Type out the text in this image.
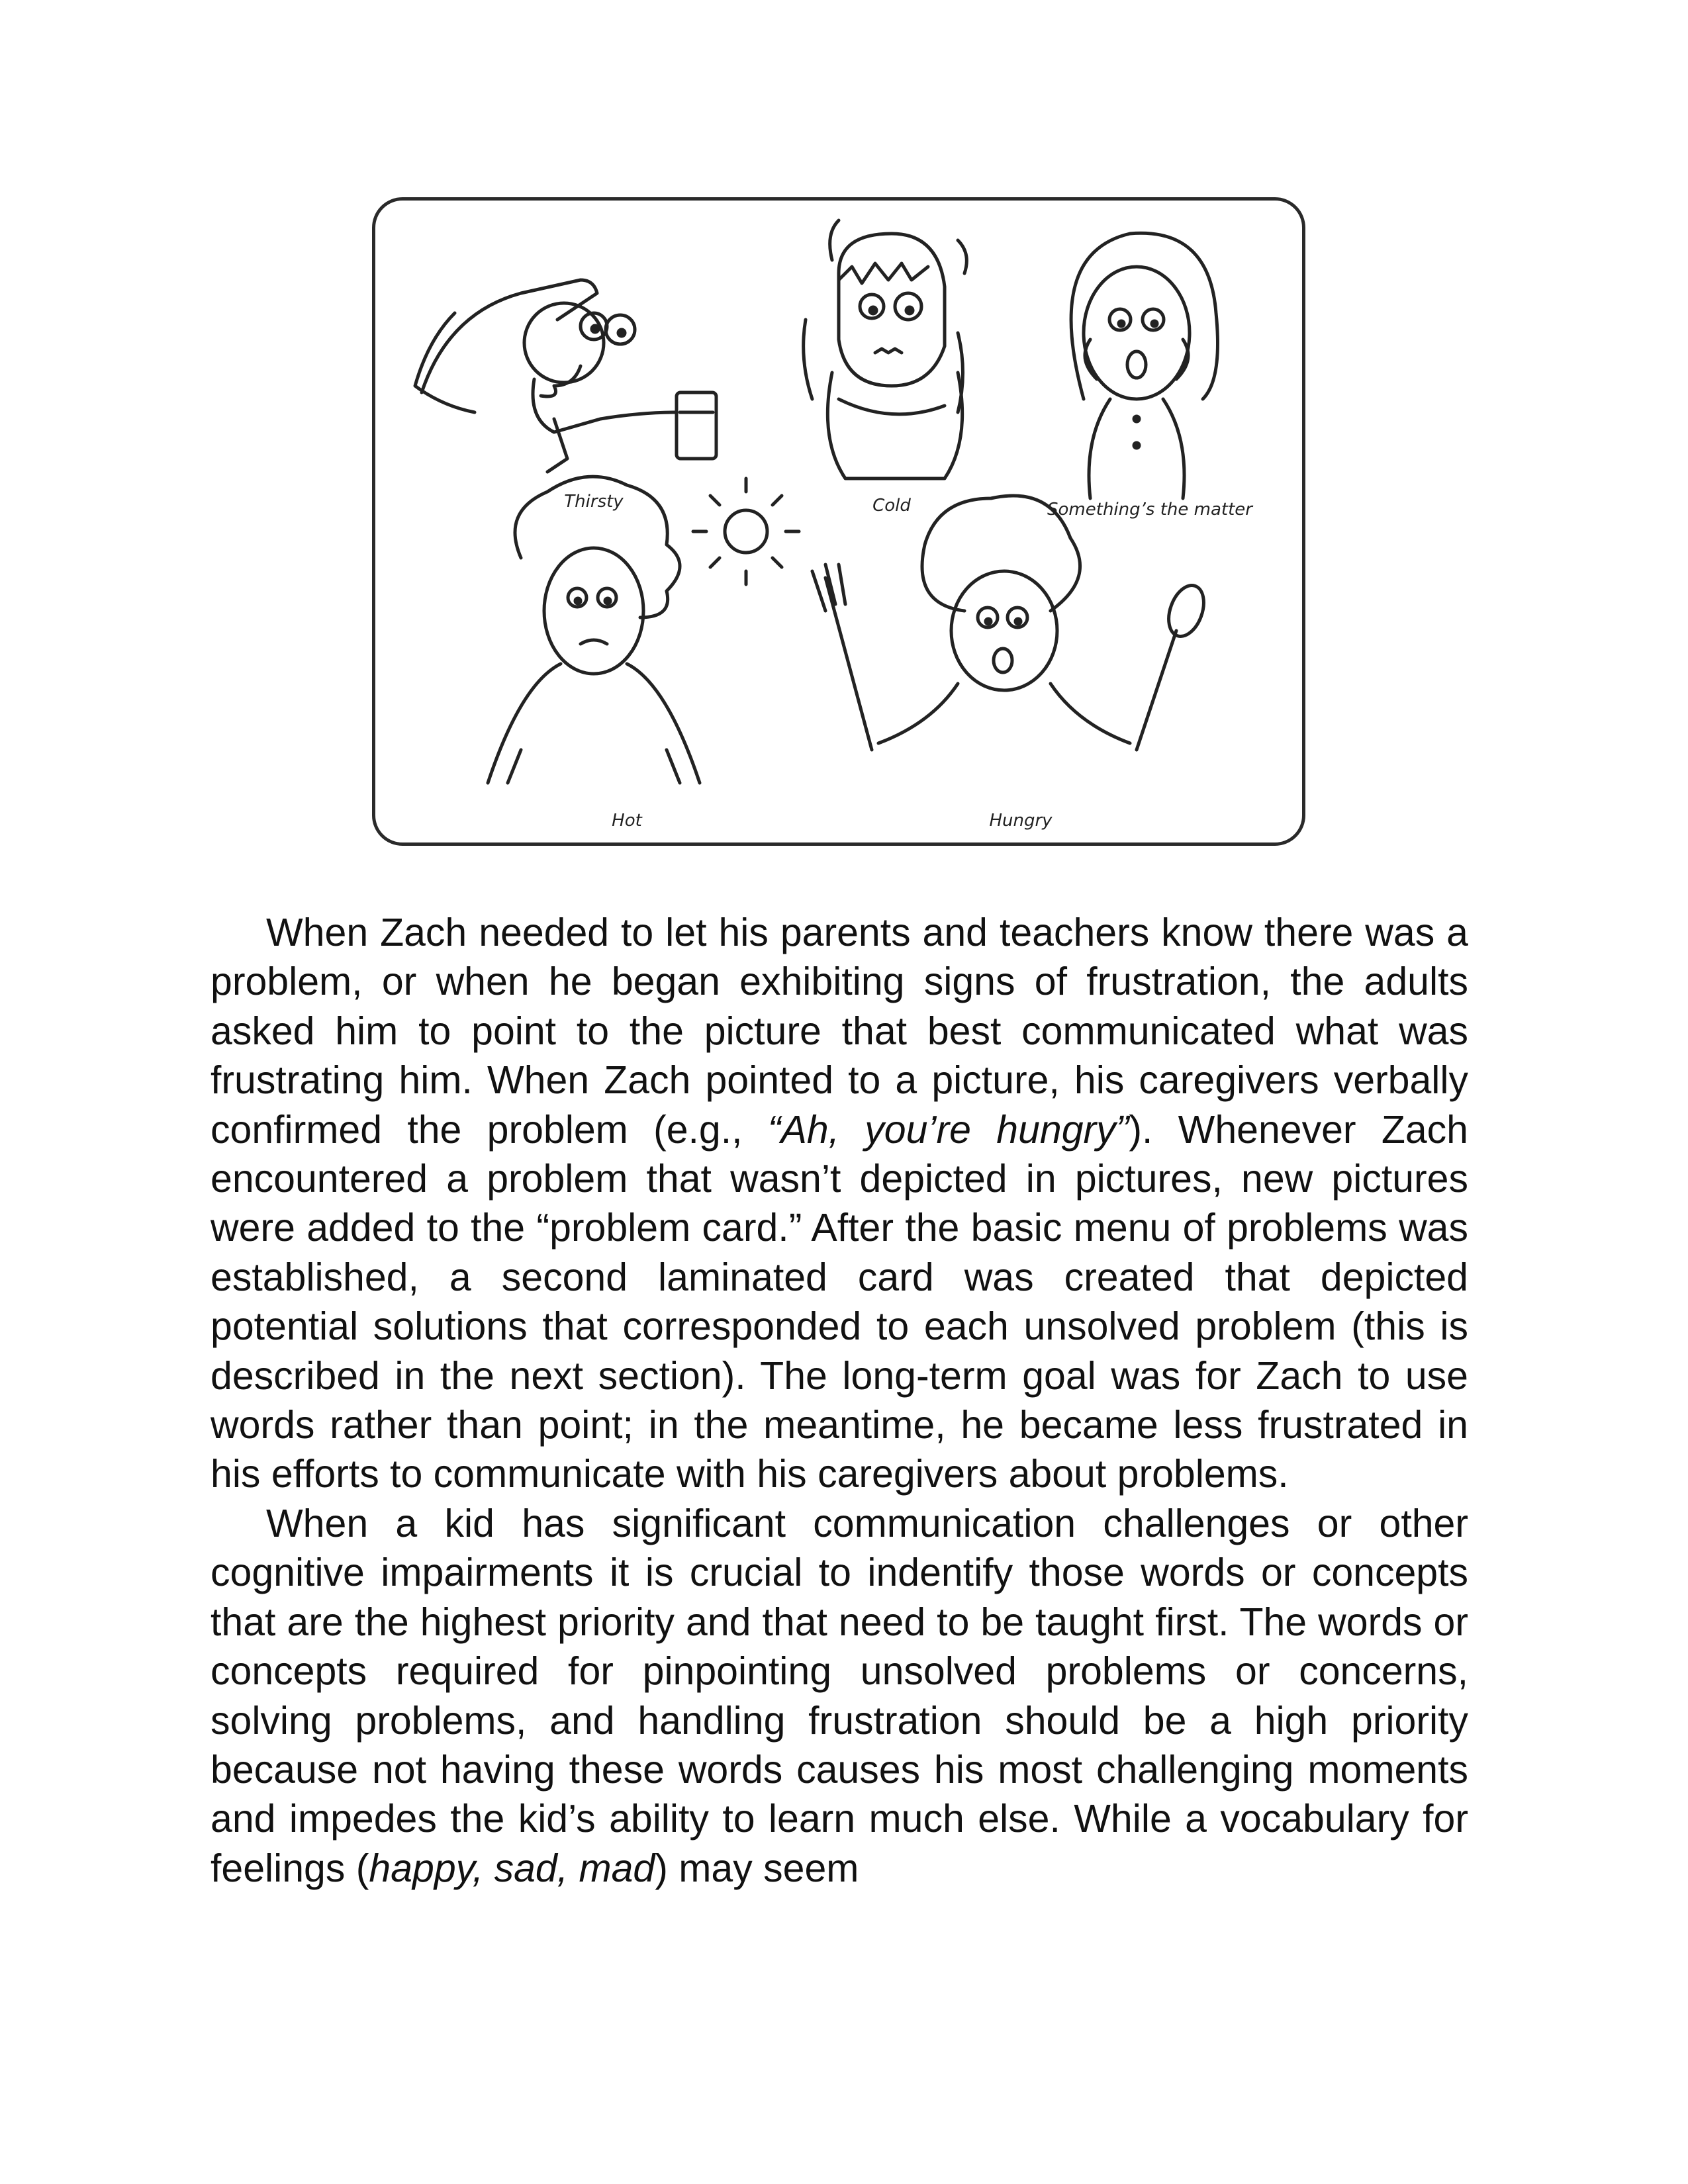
Thirsty	Cold	Something’s the matter
Hot	Hungry

When Zach needed to let his parents and teachers know there was a problem, or when he began exhibiting signs of frustration, the adults asked him to point to the picture that best communicated what was frustrating him. When Zach pointed to a picture, his caregivers verbally confirmed the problem (e.g., “Ah, you’re hungry”). Whenever Zach encountered a problem that wasn’t depicted in pictures, new pictures were added to the “problem card.” After the basic menu of problems was established, a second laminated card was created that depicted potential solutions that corresponded to each unsolved problem (this is described in the next section). The long-term goal was for Zach to use words rather than point; in the meantime, he became less frustrated in his efforts to communicate with his caregivers about problems.

When a kid has significant communication challenges or other cognitive impairments it is crucial to indentify those words or concepts that are the highest priority and that need to be taught first. The words or concepts required for pinpointing unsolved problems or concerns, solving problems, and handling frustration should be a high priority because not having these words causes his most challenging moments and impedes the kid’s ability to learn much else. While a vocabulary for feelings (happy, sad, mad) may seem
